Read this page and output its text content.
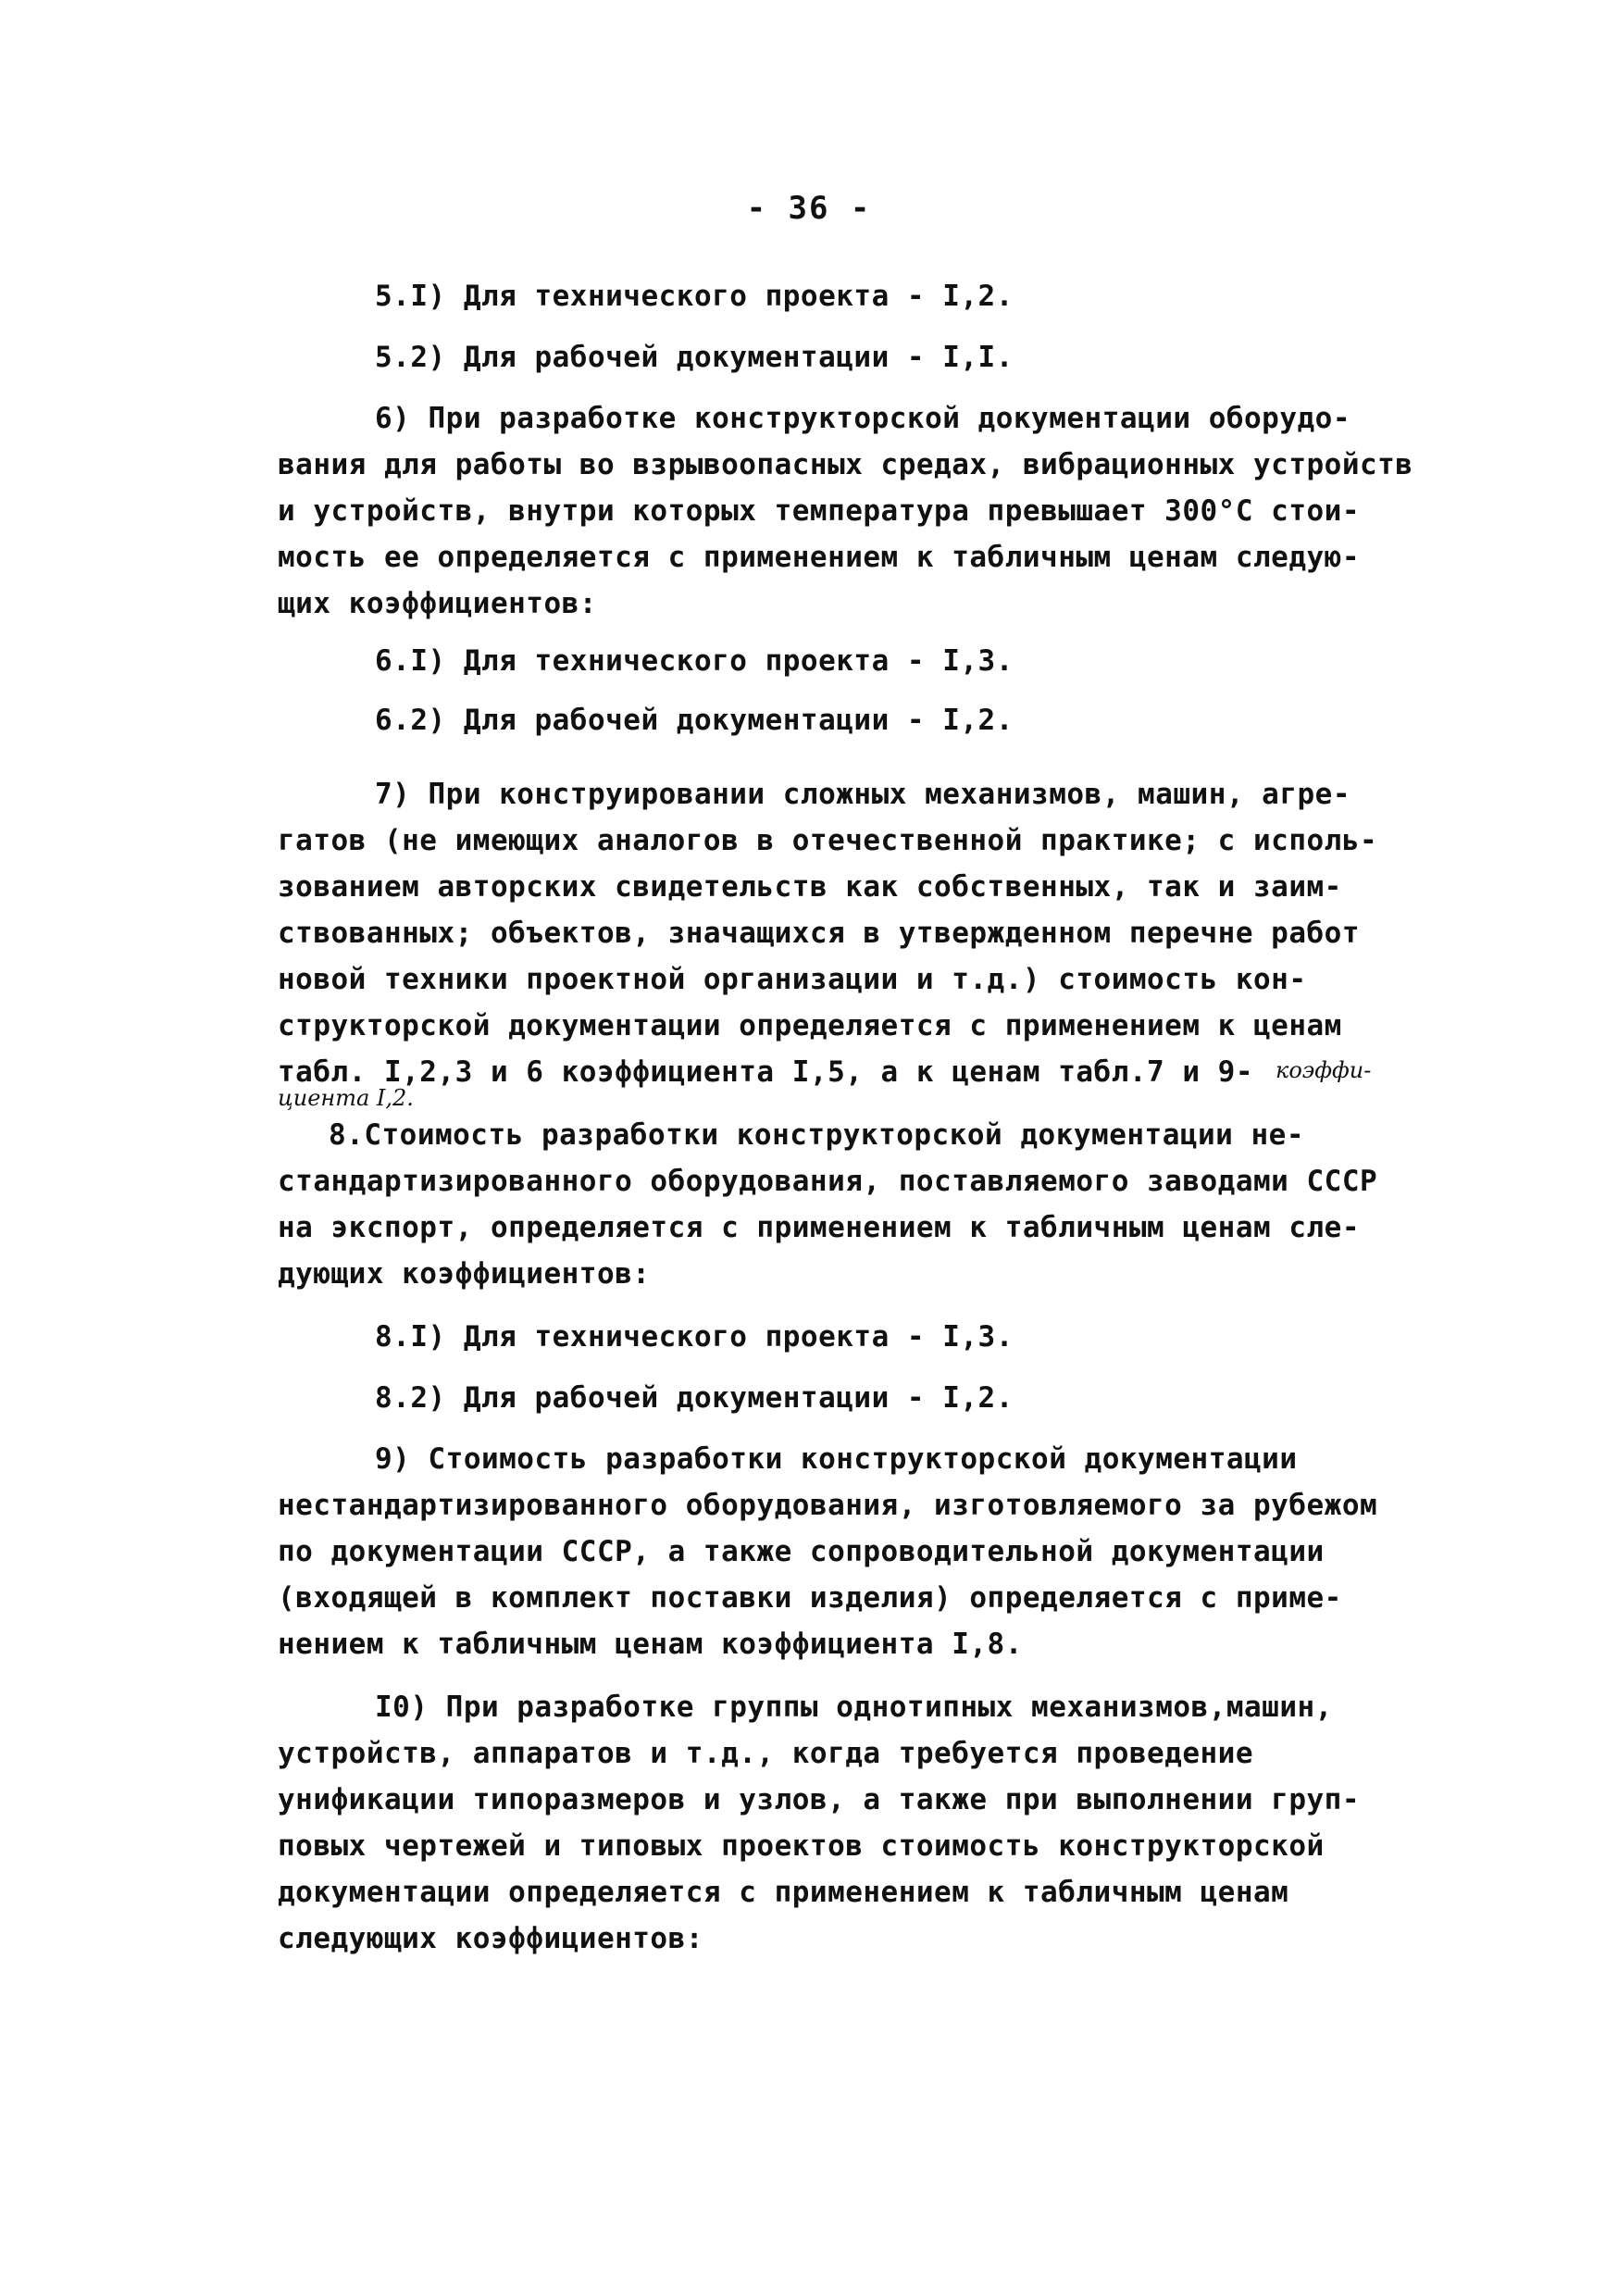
- 36 -
5.I) Для технического проекта - I,2.
5.2) Для рабочей документации - I,I.
6) При разработке конструкторской документации оборудо-
вания для работы во взрывоопасных средах, вибрационных устройств
и устройств, внутри которых температура превышает 300°С стои-
мость ее определяется с применением к табличным ценам следую-
щих коэффициентов:
6.I) Для технического проекта - I,3.
6.2) Для рабочей документации - I,2.
7) При конструировании сложных механизмов, машин, агре-
гатов (не имеющих аналогов в отечественной практике; с исполь-
зованием авторских свидетельств как собственных, так и заим-
ствованных; объектов, значащихся в утвержденном перечне работ
новой техники проектной организации и т.д.) стоимость кон-
структорской документации определяется с применением к ценам
табл. I,2,3 и 6 коэффициента I,5, а к ценам табл.7 и 9- коэффи-
циента I,2.
8.Стоимость разработки конструкторской документации не-
стандартизированного оборудования, поставляемого заводами СССР
на экспорт, определяется с применением к табличным ценам сле-
дующих коэффициентов:
8.I) Для технического проекта - I,3.
8.2) Для рабочей документации - I,2.
9) Стоимость разработки конструкторской документации
нестандартизированного оборудования, изготовляемого за рубежом
по документации СССР, а также сопроводительной документации
(входящей в комплект поставки изделия) определяется с приме-
нением к табличным ценам коэффициента I,8.
I0) При разработке группы однотипных механизмов,машин,
устройств, аппаратов и т.д., когда требуется проведение
унификации типоразмеров и узлов, а также при выполнении груп-
повых чертежей и типовых проектов стоимость конструкторской
документации определяется с применением к табличным ценам
следующих коэффициентов:
